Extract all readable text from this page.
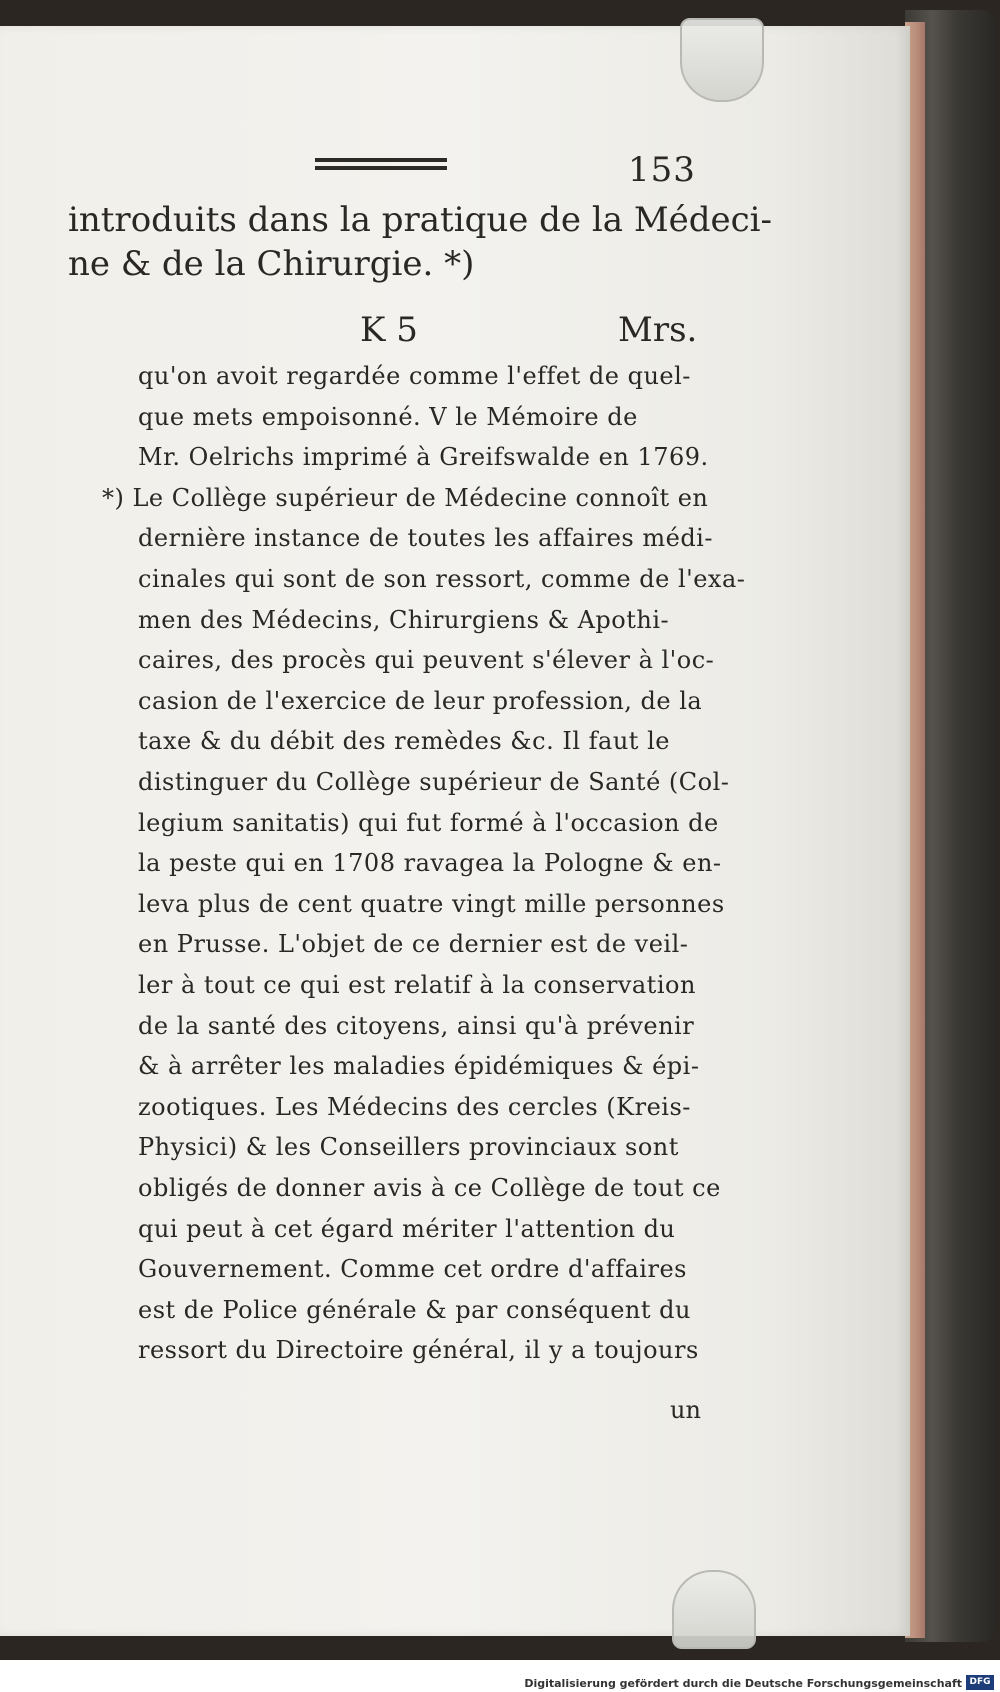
153
introduits dans la pratique de la Médeci-
ne & de la Chirurgie. *)
K 5	Mrs.
qu'on avoit regardée comme l'effet de quel-
que mets empoisonné. V le Mémoire de
Mr. Oelrichs imprimé à Greifswalde en 1769.
*) Le Collège supérieur de Médecine connoît en
dernière instance de toutes les affaires médi-
cinales qui sont de son ressort, comme de l'exa-
men des Médecins, Chirurgiens & Apothi-
caires, des procès qui peuvent s'élever à l'oc-
casion de l'exercice de leur profession, de la
taxe & du débit des remèdes &c. Il faut le
distinguer du Collège supérieur de Santé (Col-
legium sanitatis) qui fut formé à l'occasion de
la peste qui en 1708 ravagea la Pologne & en-
leva plus de cent quatre vingt mille personnes
en Prusse. L'objet de ce dernier est de veil-
ler à tout ce qui est relatif à la conservation
de la santé des citoyens, ainsi qu'à prévenir
& à arrêter les maladies épidémiques & épi-
zootiques. Les Médecins des cercles (Kreis-
Physici) & les Conseillers provinciaux sont
obligés de donner avis à ce Collège de tout ce
qui peut à cet égard mériter l'attention du
Gouvernement. Comme cet ordre d'affaires
est de Police générale & par conséquent du
ressort du Directoire général, il y a toujours
un
Digitalisierung gefördert durch die Deutsche Forschungsgemeinschaft DFG
